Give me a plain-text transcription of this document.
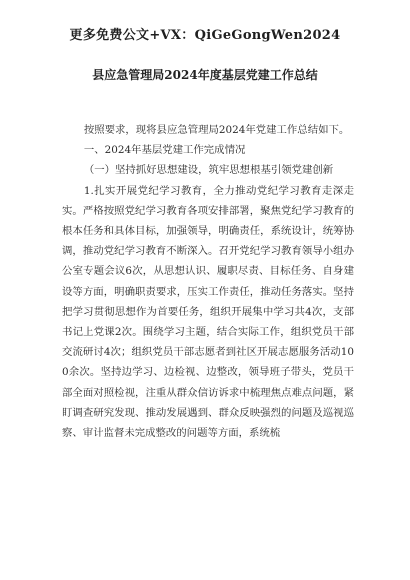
更多免费公文+VX：QiGeGongWen2024
县应急管理局2024年度基层党建工作总结

按照要求，现将县应急管理局2024年党建工作总结如下。

一、2024年基层党建工作完成情况

（一）坚持抓好思想建设，筑牢思想根基引领党建创新

1.扎实开展党纪学习教育，全力推动党纪学习教育走深走实。严格按照党纪学习教育各项安排部署，聚焦党纪学习教育的根本任务和具体目标，加强领导，明确责任，系统设计，统筹协调，推动党纪学习教育不断深入。召开党纪学习教育领导小组办公室专题会议6次，从思想认识、履职尽责、目标任务、自身建设等方面，明确职责要求，压实工作责任，推动任务落实。坚持把学习贯彻思想作为首要任务，组织开展集中学习共4次，支部书记上党课2次。围绕学习主题，结合实际工作，组织党员干部交流研讨4次；组织党员干部志愿者到社区开展志愿服务活动100余次。坚持边学习、边检视、边整改，领导班子带头，党员干部全面对照检视，注重从群众信访诉求中梳理焦点难点问题，紧盯调查研究发现、推动发展遇到、群众反映强烈的问题及巡视巡察、审计监督未完成整改的问题等方面，系统梳
